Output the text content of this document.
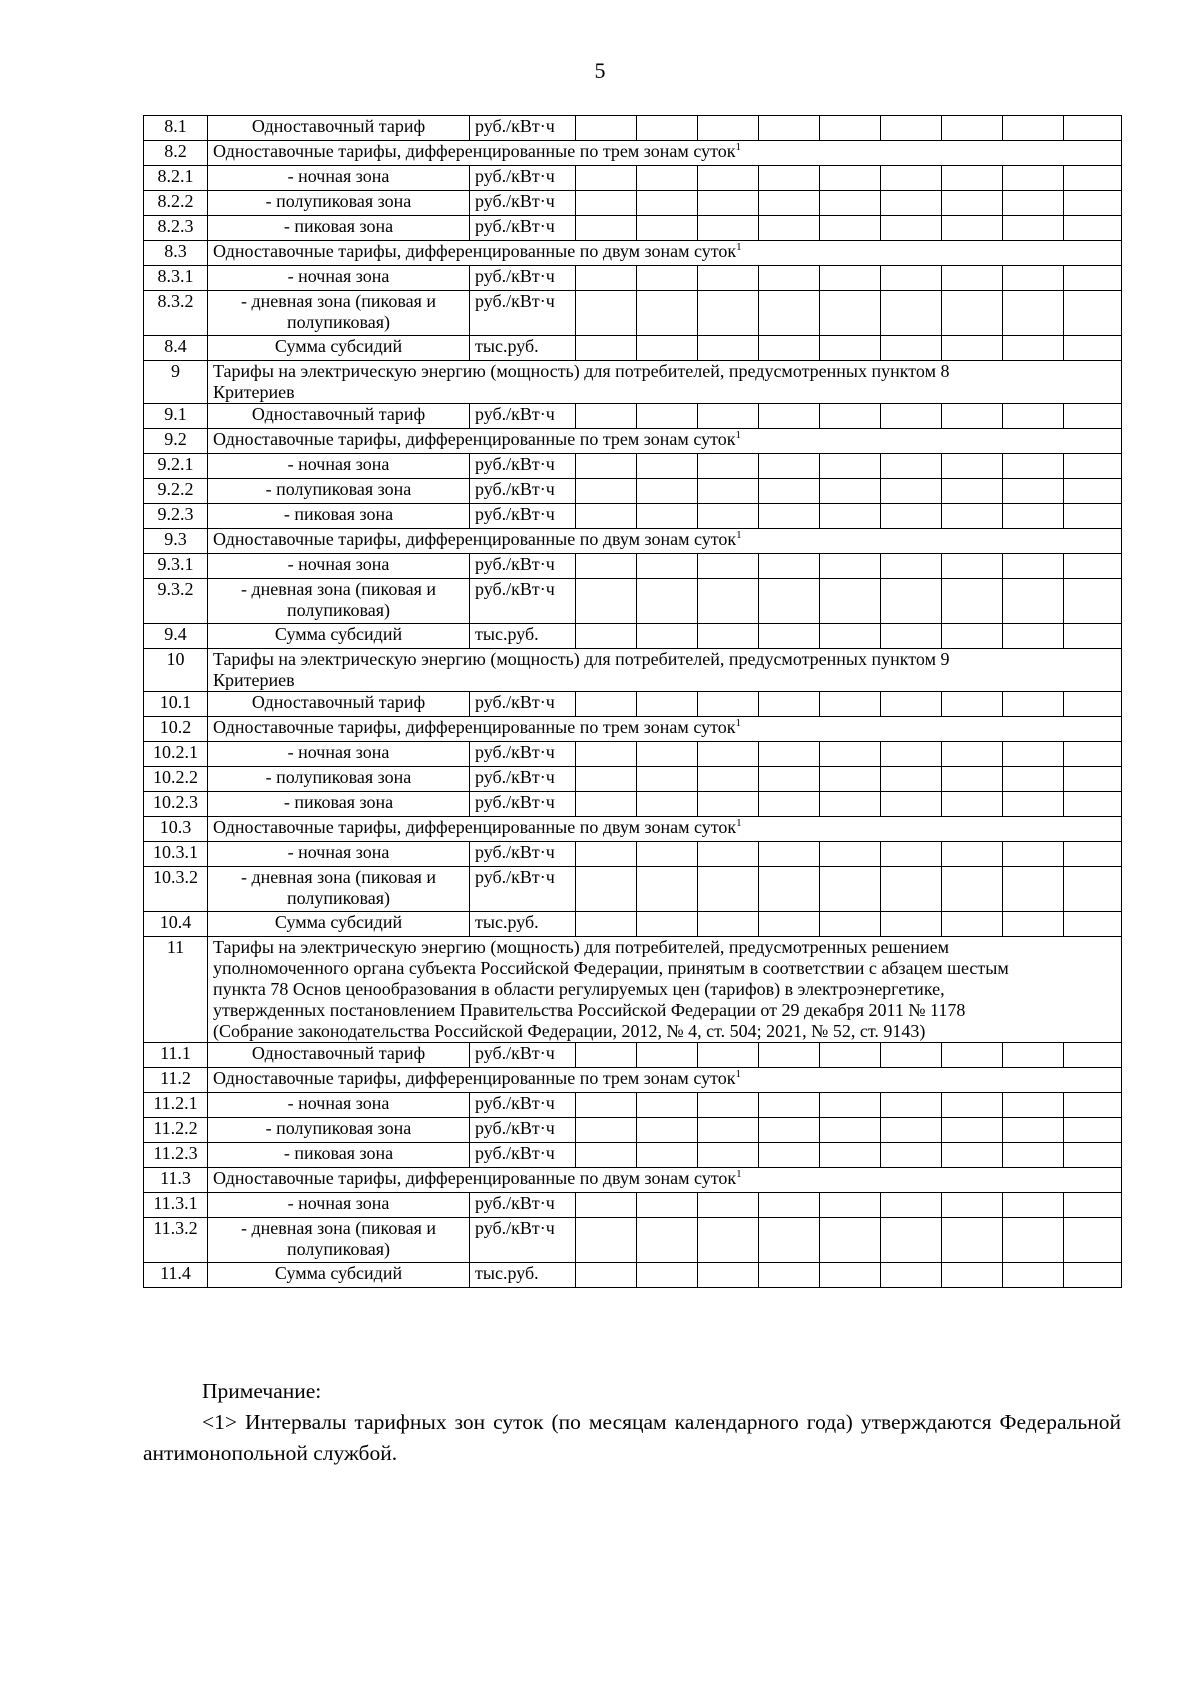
5
8.1	Одноставочный тариф	руб./кВт·ч									
8.2	Одноставочные тарифы, дифференцированные по трем зонам суток$^1$
8.2.1	- ночная зона	руб./кВт·ч									
8.2.2	- полупиковая зона	руб./кВт·ч									
8.2.3	- пиковая зона	руб./кВт·ч									
8.3	Одноставочные тарифы, дифференцированные по двум зонам суток$^1$
8.3.1	- ночная зона	руб./кВт·ч									
8.3.2	- дневная зона (пиковая и полупиковая)	руб./кВт·ч									
8.4	Сумма субсидий	тыс.руб.									
9	Тарифы на электрическую энергию (мощность) для потребителей, предусмотренных пунктом 8
Критериев										

9.1	Одноставочный тариф	руб./кВт·ч									
9.2	Одноставочные тарифы, дифференцированные по трем зонам суток$^1$
9.2.1	- ночная зона	руб./кВт·ч									
9.2.2	- полупиковая зона	руб./кВт·ч									
9.2.3	- пиковая зона	руб./кВт·ч									
9.3	Одноставочные тарифы, дифференцированные по двум зонам суток$^1$
9.3.1	- ночная зона	руб./кВт·ч									
9.3.2	- дневная зона (пиковая и полупиковая)	руб./кВт·ч									
9.4	Сумма субсидий	тыс.руб.									
10	Тарифы на электрическую энергию (мощность) для потребителей, предусмотренных пунктом 9
Критериев										

10.1	Одноставочный тариф	руб./кВт·ч									
10.2	Одноставочные тарифы, дифференцированные по трем зонам суток$^1$
10.2.1	- ночная зона	руб./кВт·ч									
10.2.2	- полупиковая зона	руб./кВт·ч									
10.2.3	- пиковая зона	руб./кВт·ч									
10.3	Одноставочные тарифы, дифференцированные по двум зонам суток$^1$
10.3.1	- ночная зона	руб./кВт·ч									
10.3.2	- дневная зона (пиковая и полупиковая)	руб./кВт·ч									
10.4	Сумма субсидий	тыс.руб.									
11	Тарифы на электрическую энергию (мощность) для потребителей, предусмотренных решением
уполномоченного органа субъекта Российской Федерации, принятым в соответствии с абзацем шестым
пункта 78 Основ ценообразования в области регулируемых цен (тарифов) в электроэнергетике,
утвержденных постановлением Правительства Российской Федерации от 29 декабря 2011 № 1178
(Собрание законодательства Российской Федерации, 2012, № 4, ст. 504; 2021, № 52, ст. 9143)										

11.1	Одноставочный тариф	руб./кВт·ч									
11.2	Одноставочные тарифы, дифференцированные по трем зонам суток$^1$
11.2.1	- ночная зона	руб./кВт·ч									
11.2.2	- полупиковая зона	руб./кВт·ч									
11.2.3	- пиковая зона	руб./кВт·ч									
11.3	Одноставочные тарифы, дифференцированные по двум зонам суток$^1$
11.3.1	- ночная зона	руб./кВт·ч									
11.3.2	- дневная зона (пиковая и полупиковая)	руб./кВт·ч									
11.4	Сумма субсидий	тыс.руб.									
Примечание:
<1> Интервалы тарифных зон суток (по месяцам календарного года) утверждаются Федеральной антимонопольной службой.
